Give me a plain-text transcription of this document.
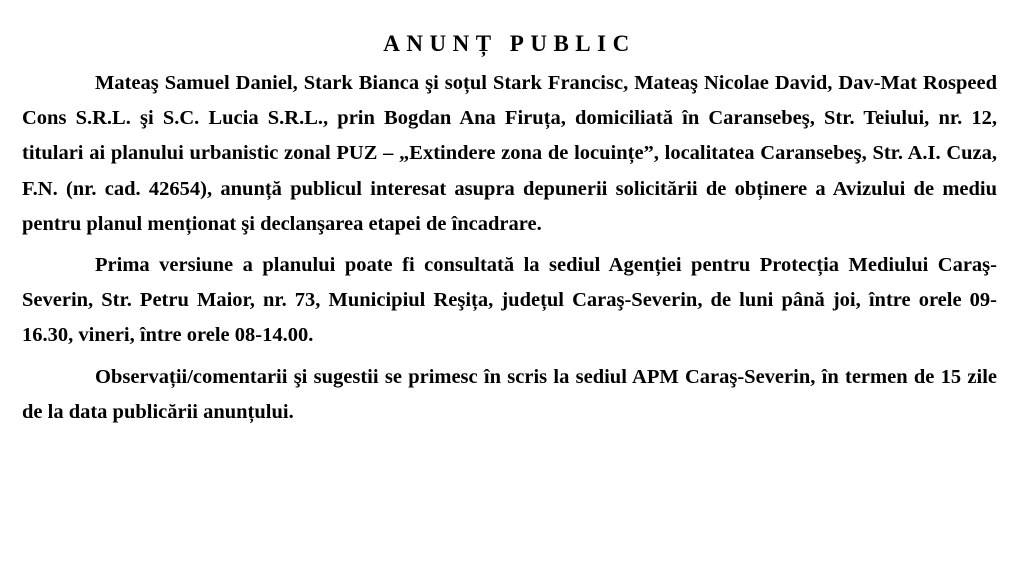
ANUNȚ PUBLIC

Mateaş Samuel Daniel, Stark Bianca şi soțul Stark Francisc, Mateaş Nicolae David, Dav-Mat Rospeed Cons S.R.L. şi S.C. Lucia S.R.L., prin Bogdan Ana Firuța, domiciliată în Caransebeş, Str. Teiului, nr. 12, titulari ai planului urbanistic zonal PUZ – „Extindere zona de locuințe”, localitatea Caransebeş, Str. A.I. Cuza, F.N. (nr. cad. 42654), anunță publicul interesat asupra depunerii solicitării de obținere a Avizului de mediu pentru planul menționat şi declanşarea etapei de încadrare.

Prima versiune a planului poate fi consultată la sediul Agenției pentru Protecția Mediului Caraş-Severin, Str. Petru Maior, nr. 73, Municipiul Reşița, județul Caraş-Severin, de luni până joi, între orele 09-16.30, vineri, între orele 08-14.00.

Observații/comentarii şi sugestii se primesc în scris la sediul APM Caraş-Severin, în termen de 15 zile de la data publicării anunțului.
